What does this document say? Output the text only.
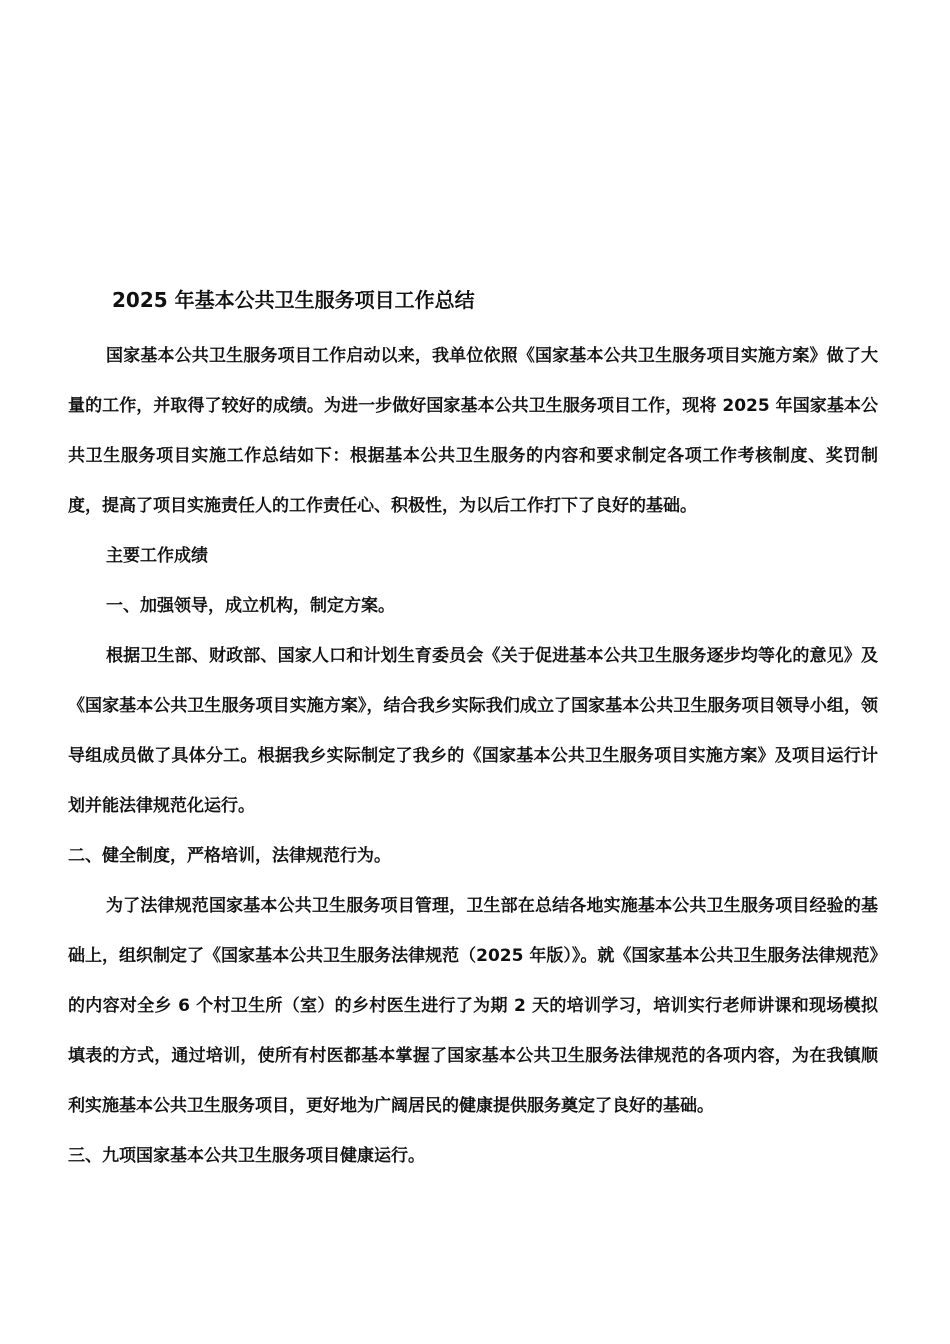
2025 年基本公共卫生服务项目工作总结

国家基本公共卫生服务项目工作启动以来，我单位依照《国家基本公共卫生服务项目实施方案》做了大量的工作，并取得了较好的成绩。为进一步做好国家基本公共卫生服务项目工作，现将 2025 年国家基本公共卫生服务项目实施工作总结如下：根据基本公共卫生服务的内容和要求制定各项工作考核制度、奖罚制度，提高了项目实施责任人的工作责任心、积极性，为以后工作打下了良好的基础。

主要工作成绩

一、加强领导，成立机构，制定方案。

根据卫生部、财政部、国家人口和计划生育委员会《关于促进基本公共卫生服务逐步均等化的意见》及《国家基本公共卫生服务项目实施方案》，结合我乡实际我们成立了国家基本公共卫生服务项目领导小组，领导组成员做了具体分工。根据我乡实际制定了我乡的《国家基本公共卫生服务项目实施方案》及项目运行计划并能法律规范化运行。

二、健全制度，严格培训，法律规范行为。

为了法律规范国家基本公共卫生服务项目管理，卫生部在总结各地实施基本公共卫生服务项目经验的基础上，组织制定了《国家基本公共卫生服务法律规范（2025 年版）》。就《国家基本公共卫生服务法律规范》的内容对全乡 6 个村卫生所（室）的乡村医生进行了为期 2 天的培训学习，培训实行老师讲课和现场模拟填表的方式，通过培训，使所有村医都基本掌握了国家基本公共卫生服务法律规范的各项内容，为在我镇顺利实施基本公共卫生服务项目，更好地为广阔居民的健康提供服务奠定了良好的基础。

三、九项国家基本公共卫生服务项目健康运行。
